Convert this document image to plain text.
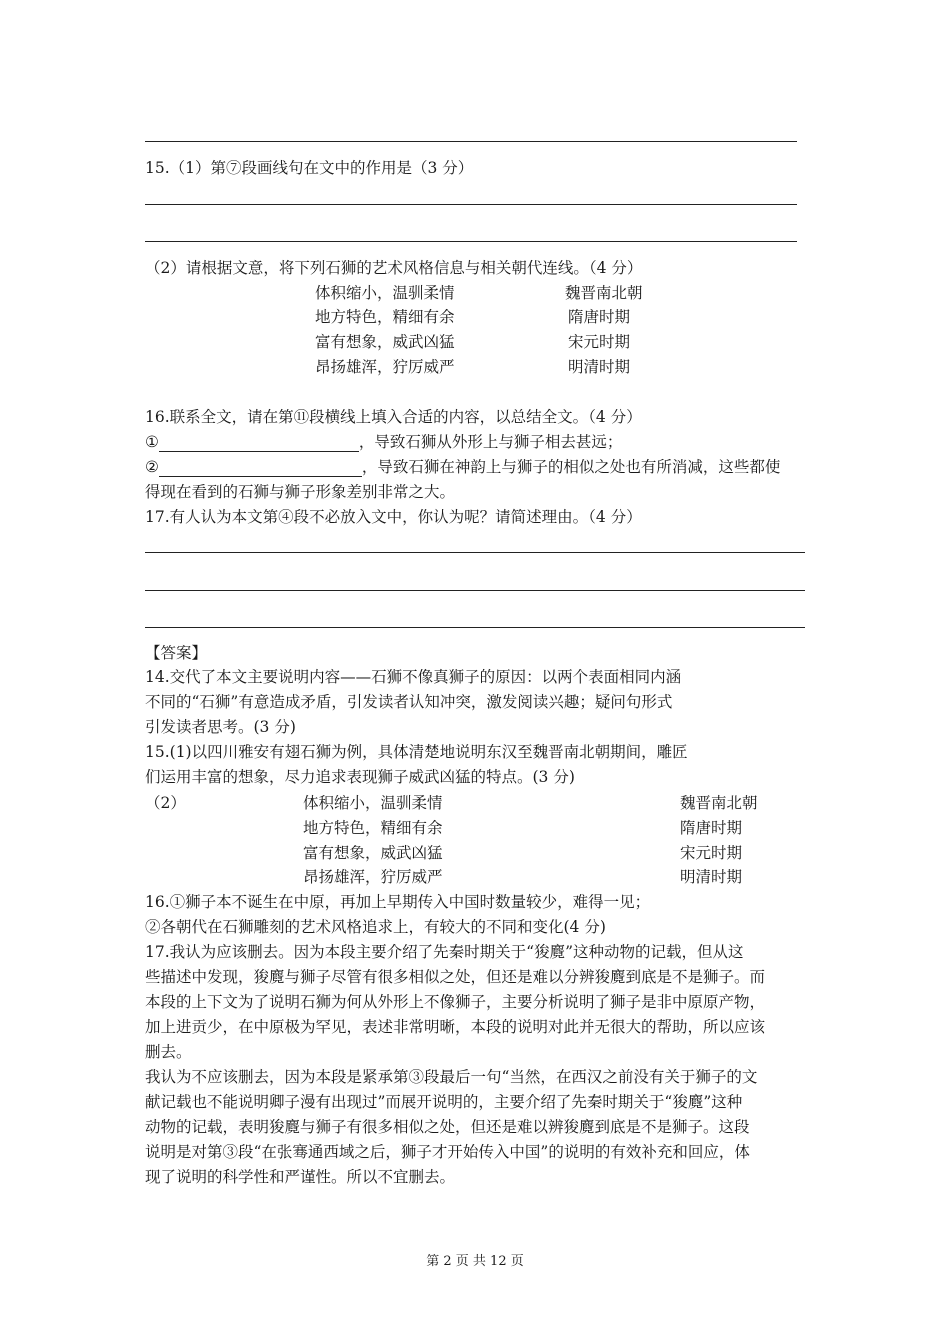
15.（1）第⑦段画线句在文中的作用是（3 分）
（2）请根据文意，将下列石狮的艺术风格信息与相关朝代连线。（4 分）
体积缩小，温驯柔情	魏晋南北朝
地方特色，精细有余	隋唐时期
富有想象，威武凶猛	宋元时期
昂扬雄浑，狞厉威严	明清时期
16.联系全文，请在第⑪段横线上填入合适的内容，以总结全文。（4 分）
①	，导致石狮从外形上与狮子相去甚远；
②	，导致石狮在神韵上与狮子的相似之处也有所消减，这些都使
得现在看到的石狮与狮子形象差别非常之大。
17.有人认为本文第④段不必放入文中，你认为呢？请简述理由。（4 分）
【答案】
14.交代了本文主要说明内容——石狮不像真狮子的原因：以两个表面相同内涵
不同的“石狮”有意造成矛盾，引发读者认知冲突，激发阅读兴趣；疑问句形式
引发读者思考。(3 分)
15.(1)以四川雅安有翅石狮为例，具体清楚地说明东汉至魏晋南北朝期间，雕匠
们运用丰富的想象，尽力追求表现狮子威武凶猛的特点。(3 分)
（2）	体积缩小，温驯柔情	魏晋南北朝
地方特色，精细有余	隋唐时期
富有想象，威武凶猛	宋元时期
昂扬雄浑，狞厉威严	明清时期
16.①狮子本不诞生在中原，再加上早期传入中国时数量较少，难得一见；
②各朝代在石狮雕刻的艺术风格追求上，有较大的不同和变化(4 分)
17.我认为应该删去。因为本段主要介绍了先秦时期关于“狻麑”这种动物的记载，但从这
些描述中发现，狻麑与狮子尽管有很多相似之处，但还是难以分辨狻麑到底是不是狮子。而
本段的上下文为了说明石狮为何从外形上不像狮子，主要分析说明了狮子是非中原原产物，
加上进贡少，在中原极为罕见，表述非常明晰，本段的说明对此并无很大的帮助，所以应该
删去。
我认为不应该删去，因为本段是紧承第③段最后一句“当然，在西汉之前没有关于狮子的文
献记载也不能说明卿子漫有出现过”而展开说明的，主要介绍了先秦时期关于“狻麑”这种
动物的记载，表明狻麑与狮子有很多相似之处，但还是难以辨狻麑到底是不是狮子。这段
说明是对第③段“在张骞通西域之后，狮子才开始传入中国”的说明的有效补充和回应，体
现了说明的科学性和严谨性。所以不宜删去。
第 2 页 共 12 页
